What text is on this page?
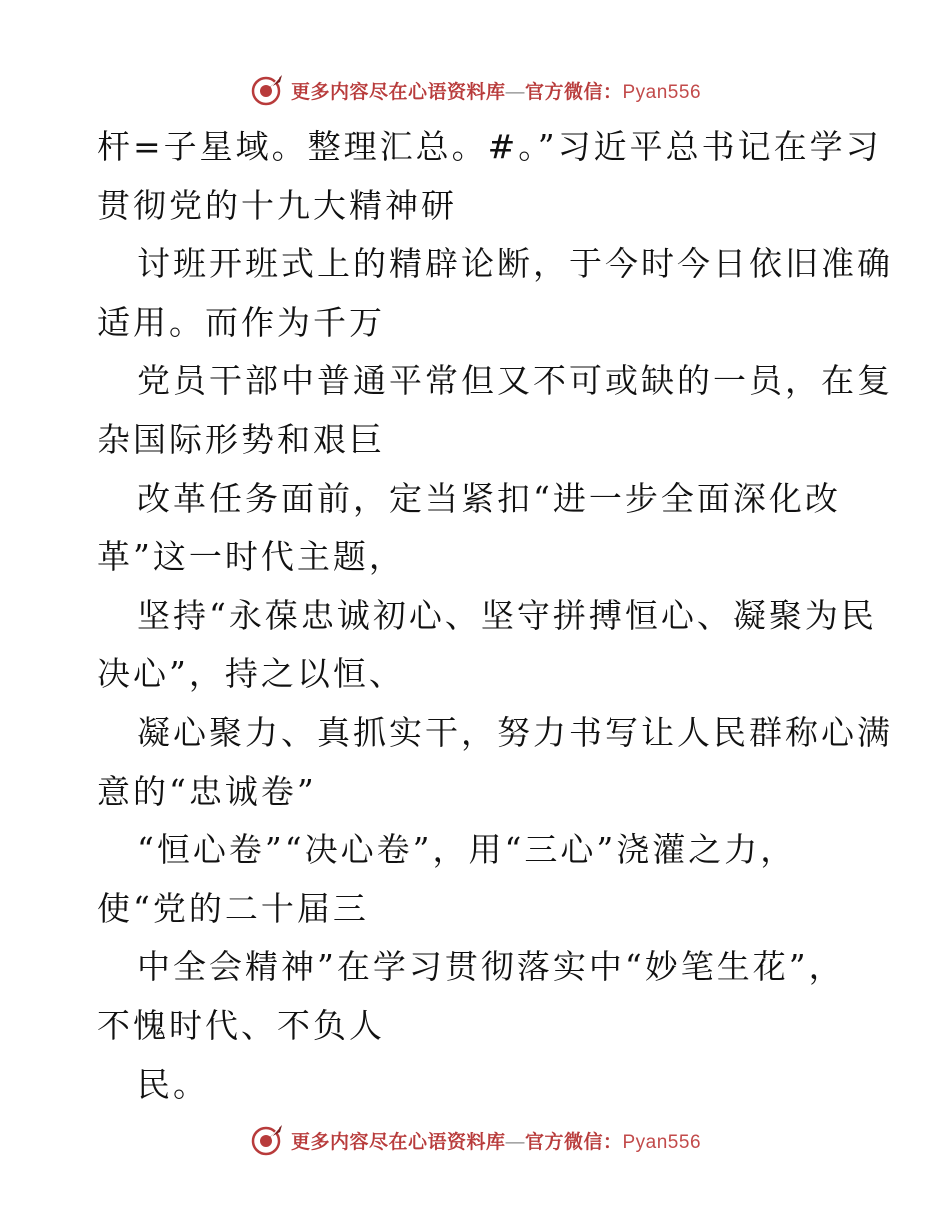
更多内容尽在心语资料库—官方微信：Pyan556
杆=子星域。整理汇总。#。”习近平总书记在学习
贯彻党的十九大精神研
讨班开班式上的精辟论断，于今时今日依旧准确
适用。而作为千万
党员干部中普通平常但又不可或缺的一员，在复
杂国际形势和艰巨
改革任务面前，定当紧扣“进一步全面深化改
革”这一时代主题，
坚持“永葆忠诚初心、坚守拼搏恒心、凝聚为民
决心”，持之以恒、
凝心聚力、真抓实干，努力书写让人民群称心满
意的“忠诚卷”
“恒心卷”“决心卷”，用“三心”浇灌之力，
使“党的二十届三
中全会精神”在学习贯彻落实中“妙笔生花”，
不愧时代、不负人
民。
更多内容尽在心语资料库—官方微信：Pyan556
